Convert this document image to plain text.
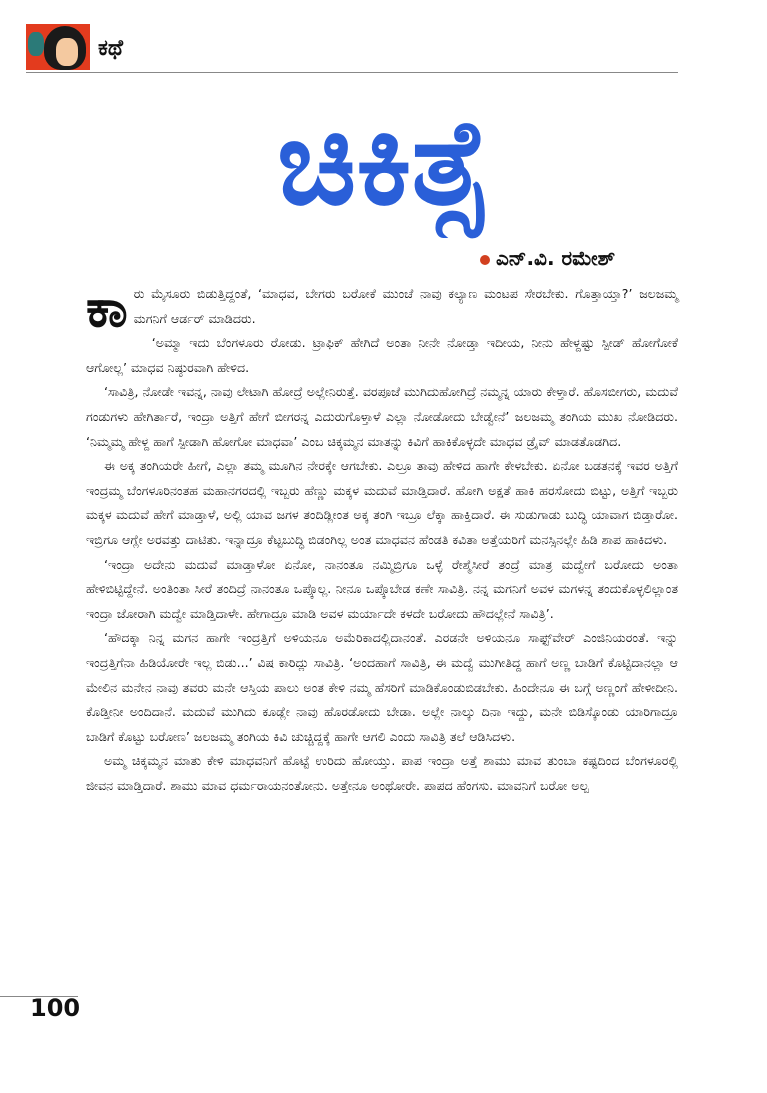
ಕಥೆ
ಚಿಕಿತ್ಸೆ
ಎನ್.ವಿ. ರಮೇಶ್

ಕಾರು ಮೈಸೂರು ಬಿಡುತ್ತಿದ್ದಂತೆ, ‘ಮಾಧವ, ಬೇಗರು ಬರೋಕೆ ಮುಂಚೆ ನಾವು ಕಲ್ಯಾಣ ಮಂಟಪ ಸೇರಬೇಕು. ಗೊತ್ತಾಯ್ತಾ?’ ಜಲಜಮ್ಮ ಮಗನಿಗೆ ಆರ್ಡರ್ ಮಾಡಿದರು.

‘ಅಮ್ಮಾ ಇದು ಬೆಂಗಳೂರು ರೋಡು. ಟ್ರಾಫಿಕ್ ಹೇಗಿದೆ ಅಂತಾ ನೀನೇ ನೋಡ್ತಾ ಇದೀಯ, ನೀನು ಹೇಳ್ದಷ್ಟು ಸ್ಪೀಡ್ ಹೋಗೋಕೆ ಆಗೋಲ್ಲ’ ಮಾಧವ ನಿಷ್ಠುರವಾಗಿ ಹೇಳಿದ.

‘ಸಾವಿತ್ರಿ, ನೋಡೇ ಇವನ್ನ, ನಾವು ಲೇಟಾಗಿ ಹೋದ್ರೆ ಅಲ್ಲೇನಿರುತ್ತೆ. ವರಪೂಜೆ ಮುಗಿದುಹೋಗಿದ್ರೆ ನಮ್ಮನ್ನ ಯಾರು ಕೇಳ್ತಾರೆ. ಹೊಸಬೀಗರು, ಮದುವೆ ಗಂಡುಗಳು ಹೇಗಿರ್ತಾರೆ, ಇಂದ್ರಾ ಅತ್ತಿಗೆ ಹೇಗೆ ಬೀಗರನ್ನ ಎದುರುಗೊಳ್ತಾಳೆ ಎಲ್ಲಾ ನೋಡೋದು ಬೇಡ್ವೇನೆ’ ಜಲಜಮ್ಮ ತಂಗಿಯ ಮುಖ ನೋಡಿದರು. ‘ನಿಮ್ಮಮ್ಮ ಹೇಳ್ದ ಹಾಗೆ ಸ್ಪೀಡಾಗಿ ಹೋಗೋ ಮಾಧವಾ’ ಎಂಬ ಚಿಕ್ಕಮ್ಮನ ಮಾತನ್ನು ಕಿವಿಗೆ ಹಾಕಿಕೊಳ್ಳದೇ ಮಾಧವ ಡ್ರೈವ್ ಮಾಡತೊಡಗಿದ.

ಈ ಅಕ್ಕ ತಂಗಿಯರೇ ಹೀಗೆ, ಎಲ್ಲಾ ತಮ್ಮ ಮೂಗಿನ ನೇರಕ್ಕೇ ಆಗಬೇಕು. ಎಲ್ರೂ ತಾವು ಹೇಳಿದ ಹಾಗೇ ಕೇಳಬೇಕು. ಏನೋ ಬಡತನಕ್ಕೆ ಇವರ ಅತ್ತಿಗೆ ಇಂದ್ರಮ್ಮ ಬೆಂಗಳೂರಿನಂತಹ ಮಹಾನಗರದಲ್ಲಿ ಇಬ್ಬರು ಹೆಣ್ಣು ಮಕ್ಕಳ ಮದುವೆ ಮಾಡ್ತಿದಾರೆ. ಹೋಗಿ ಅಕ್ಷತೆ ಹಾಕಿ ಹರಸೋದು ಬಿಟ್ಟು, ಅತ್ತಿಗೆ ಇಬ್ಬರು ಮಕ್ಕಳ ಮದುವೆ ಹೇಗೆ ಮಾಡ್ತಾಳೆ, ಅಲ್ಲಿ ಯಾವ ಜಗಳ ತಂದಿಡ್ಲೀಂತ ಅಕ್ಕ ತಂಗಿ ಇಬ್ರೂ ಲೆಕ್ಕಾ ಹಾಕ್ತಿದಾರೆ. ಈ ಸುಡುಗಾಡು ಬುದ್ಧಿ ಯಾವಾಗ ಬಿಡ್ತಾರೋ. ಇಬ್ರಿಗೂ ಆಗ್ಲೇ ಅರವತ್ತು ದಾಟಿತು. ಇನ್ನಾದ್ರೂ ಕೆಟ್ಟಬುದ್ಧಿ ಬಿಡಂಗಿಲ್ಲ ಅಂತ ಮಾಧವನ ಹೆಂಡತಿ ಕವಿತಾ ಅತ್ತೆಯರಿಗೆ ಮನಸ್ಸಿನಲ್ಲೇ ಹಿಡಿ ಶಾಪ ಹಾಕಿದಳು.

‘ಇಂದ್ರಾ ಅದೇನು ಮದುವೆ ಮಾಡ್ತಾಳೋ ಏನೋ, ನಾನಂತೂ ನಮ್ಮಿಬ್ರಿಗೂ ಒಳ್ಳೆ ರೇಶ್ಮೆಸೀರೆ ತಂದ್ರೆ ಮಾತ್ರ ಮದ್ವೇಗೆ ಬರೋದು ಅಂತಾ ಹೇಳಿಬಿಟ್ಟಿದ್ದೇನೆ. ಅಂತಿಂತಾ ಸೀರೆ ತಂದಿದ್ರೆ ನಾನಂತೂ ಒಪ್ಕೊಲ್ಲ. ನೀನೂ ಒಪ್ಕೊಬೇಡ ಕಣೇ ಸಾವಿತ್ರಿ. ನನ್ನ ಮಗನಿಗೆ ಅವಳ ಮಗಳನ್ನ ತಂದುಕೊಳ್ಳಲಿಲ್ಲಾಂತ ಇಂದ್ರಾ ಜೋರಾಗಿ ಮದ್ವೇ ಮಾಡ್ತಿದಾಳೇ. ಹೇಗಾದ್ರೂ ಮಾಡಿ ಅವಳ ಮರ್ಯಾದೇ ಕಳದೇ ಬರೋದು ಹೌದಲ್ಲೇನೆ ಸಾವಿತ್ರಿ’.

‘ಹೌದಕ್ಕಾ ನಿನ್ನ ಮಗನ ಹಾಗೇ ಇಂದ್ರತ್ತಿಗೆ ಅಳಿಯನೂ ಅಮೆರಿಕಾದಲ್ಲಿದಾನಂತೆ. ಎರಡನೇ ಅಳಿಯನೂ ಸಾಫ್ಟ್‌ವೇರ್ ಎಂಜಿನಿಯರಂತೆ. ಇನ್ನು ಇಂದ್ರತ್ತಿಗೆನಾ ಹಿಡಿಯೋರೇ ಇಲ್ಲ ಬಿಡು...’ ವಿಷ ಕಾರಿದ್ಲು ಸಾವಿತ್ರಿ. ‘ಅಂದಹಾಗೆ ಸಾವಿತ್ರಿ, ಈ ಮದ್ವೆ ಮುಗೀತಿದ್ದ ಹಾಗೆ ಅಣ್ಣ ಬಾಡಿಗೆ ಕೊಟ್ಟಿದಾನಲ್ಲಾ ಆ ಮೇಲಿನ ಮನೇನ ನಾವು ತವರು ಮನೇ ಆಸ್ತಿಯ ಪಾಲು ಅಂತ ಕೇಳಿ ನಮ್ಮ ಹೆಸರಿಗೆ ಮಾಡಿಕೊಂಡುಬಿಡಬೇಕು. ಹಿಂದೇನೂ ಈ ಬಗ್ಗೆ ಅಣ್ಣಂಗೆ ಹೇಳೀದೀನಿ. ಕೊಡ್ತೀನೀ ಅಂದಿದಾನೆ. ಮದುವೆ ಮುಗಿದು ಕೂಡ್ಲೇ ನಾವು ಹೊರಡೋದು ಬೇಡಾ. ಅಲ್ಲೇ ನಾಲ್ಕು ದಿನಾ ಇದ್ದು, ಮನೇ ಬಿಡಿಸ್ಕೊಂಡು ಯಾರಿಗಾದ್ರೂ ಬಾಡಿಗೆ ಕೊಟ್ಟು ಬರೋಣ’ ಜಲಜಮ್ಮ ತಂಗಿಯ ಕಿವಿ ಚುಚ್ಚಿದ್ದಕ್ಕೆ ಹಾಗೇ ಆಗಲಿ ಎಂದು ಸಾವಿತ್ರಿ ತಲೆ ಆಡಿಸಿದಳು.

ಅಮ್ಮ ಚಿಕ್ಕಮ್ಮನ ಮಾತು ಕೇಳಿ ಮಾಧವನಿಗೆ ಹೊಟ್ಟೆ ಉರಿದು ಹೋಯ್ತು. ಪಾಪ ಇಂದ್ರಾ ಅತ್ತೆ ಶಾಮು ಮಾವ ತುಂಬಾ ಕಷ್ಟದಿಂದ ಬೆಂಗಳೂರಲ್ಲಿ ಜೀವನ ಮಾಡ್ತಿದಾರೆ. ಶಾಮು ಮಾವ ಧರ್ಮರಾಯನಂತೋನು. ಅತ್ತೇನೂ ಅಂಥೋರೇ. ಪಾಪದ ಹೆಂಗಸು. ಮಾವನಿಗೆ ಬರೋ ಅಲ್ಪ

100
